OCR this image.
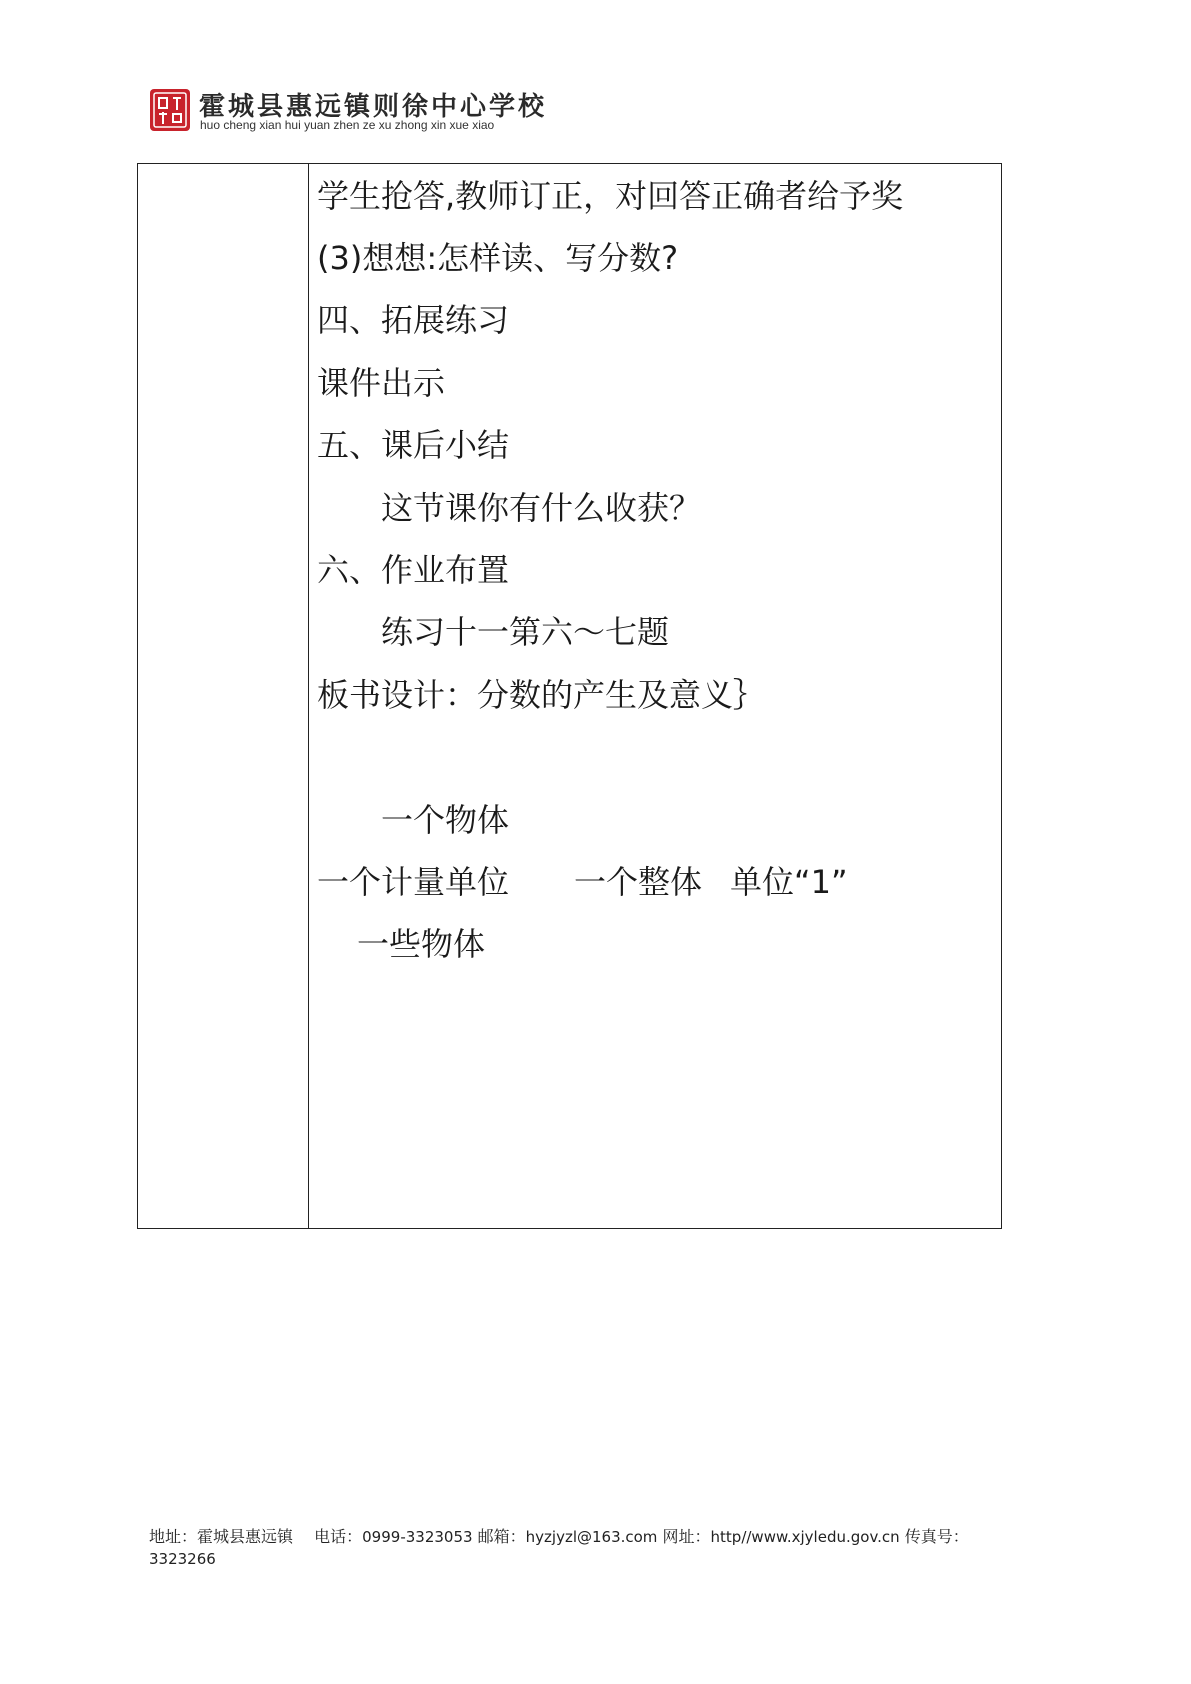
霍城县惠远镇则徐中心学校
huo cheng xian hui yuan zhen ze xu zhong xin xue xiao

学生抢答,教师订正，对回答正确者给予奖

(3)想想:怎样读、写分数?

四、拓展练习

课件出示

五、课后小结

这节课你有什么收获？

六、作业布置

练习十一第六～七题

板书设计：分数的产生及意义｝

一个物体

一个计量单位 一个整体 单位“1”

一些物体

地址：霍城县惠远镇  电话：0999-3323053 邮箱：hyzjyzl@163.com 网址：http//www.xjyledu.gov.cn 传真号：
3323266
